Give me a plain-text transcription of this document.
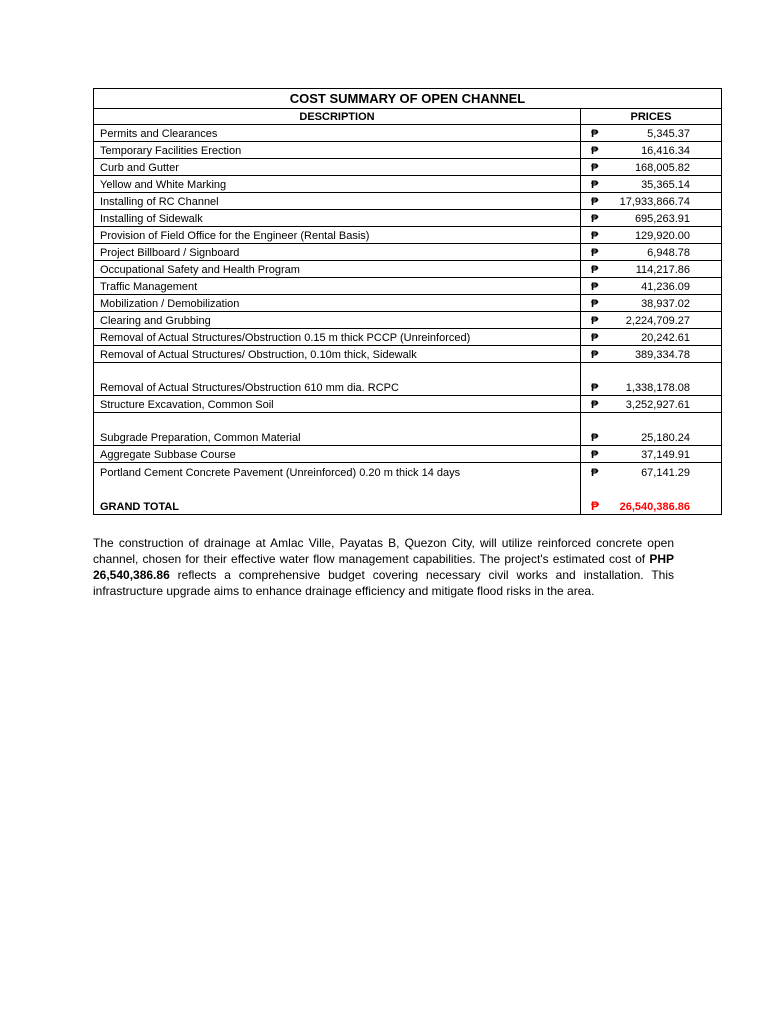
COST SUMMARY OF OPEN CHANNEL
DESCRIPTION	PRICES
Permits and Clearances	₱	5,345.37
Temporary Facilities Erection	₱	16,416.34
Curb and Gutter	₱	168,005.82
Yellow and White Marking	₱	35,365.14
Installing of RC Channel	₱	17,933,866.74
Installing of Sidewalk	₱	695,263.91
Provision of Field Office for the Engineer (Rental Basis)	₱	129,920.00
Project Billboard / Signboard	₱	6,948.78
Occupational Safety and Health Program	₱	114,217.86
Traffic Management	₱	41,236.09
Mobilization / Demobilization	₱	38,937.02
Clearing and Grubbing	₱	2,224,709.27
Removal of Actual Structures/Obstruction 0.15 m thick PCCP (Unreinforced)	₱	20,242.61
Removal of Actual Structures/ Obstruction, 0.10m thick, Sidewalk	₱	389,334.78
Removal of Actual Structures/Obstruction 610 mm dia. RCPC	₱	1,338,178.08
Structure Excavation, Common Soil	₱	3,252,927.61
Subgrade Preparation, Common Material	₱	25,180.24
Aggregate Subbase Course	₱	37,149.91
Portland Cement Concrete Pavement (Unreinforced) 0.20 m thick 14 days	₱	67,141.29
GRAND TOTAL	₱	26,540,386.86
The construction of drainage at Amlac Ville, Payatas B, Quezon City, will utilize reinforced concrete open channel, chosen for their effective water flow management capabilities. The project's estimated cost of PHP 26,540,386.86 reflects a comprehensive budget covering necessary civil works and installation. This infrastructure upgrade aims to enhance drainage efficiency and mitigate flood risks in the area.
